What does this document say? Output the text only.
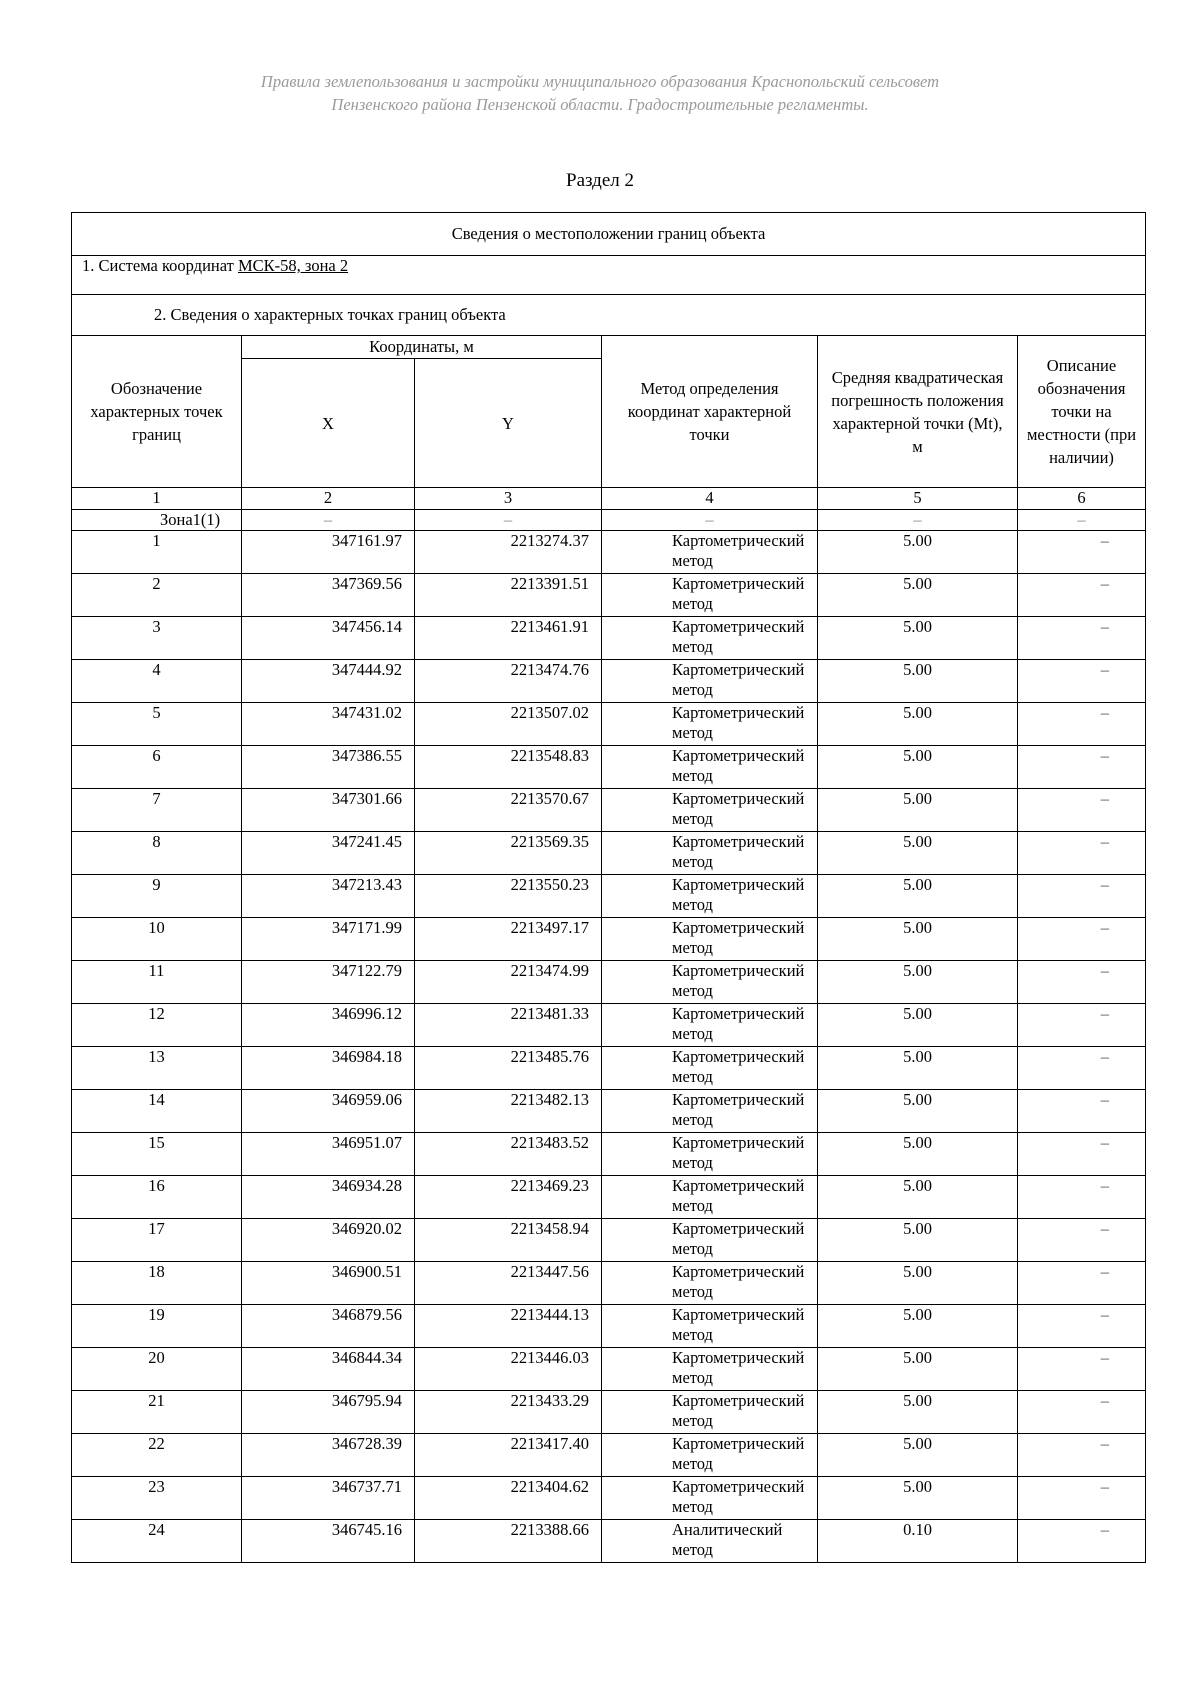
Правила землепользования и застройки муниципального образования Краснопольский сельсовет
Пензенского района Пензенской области. Градостроительные регламенты.
Раздел 2
Сведения о местоположении границ объекта					
1. Система координат МСК-58, зона 2					
2. Сведения о характерных точках границ объекта					
Обозначение характерных точек границ	Координаты, м		Метод определения координат характерной точки	Средняя квадратическая погрешность положения характерной точки (Mt), м	Описание обозначения точки на местности (при наличии)
	X	Y			
1	2	3	4	5	6
Зона1(1)	–	–	–	–	–
1	347161.97	2213274.37	Картометрический метод	5.00	–
2	347369.56	2213391.51	Картометрический метод	5.00	–
3	347456.14	2213461.91	Картометрический метод	5.00	–
4	347444.92	2213474.76	Картометрический метод	5.00	–
5	347431.02	2213507.02	Картометрический метод	5.00	–
6	347386.55	2213548.83	Картометрический метод	5.00	–
7	347301.66	2213570.67	Картометрический метод	5.00	–
8	347241.45	2213569.35	Картометрический метод	5.00	–
9	347213.43	2213550.23	Картометрический метод	5.00	–
10	347171.99	2213497.17	Картометрический метод	5.00	–
11	347122.79	2213474.99	Картометрический метод	5.00	–
12	346996.12	2213481.33	Картометрический метод	5.00	–
13	346984.18	2213485.76	Картометрический метод	5.00	–
14	346959.06	2213482.13	Картометрический метод	5.00	–
15	346951.07	2213483.52	Картометрический метод	5.00	–
16	346934.28	2213469.23	Картометрический метод	5.00	–
17	346920.02	2213458.94	Картометрический метод	5.00	–
18	346900.51	2213447.56	Картометрический метод	5.00	–
19	346879.56	2213444.13	Картометрический метод	5.00	–
20	346844.34	2213446.03	Картометрический метод	5.00	–
21	346795.94	2213433.29	Картометрический метод	5.00	–
22	346728.39	2213417.40	Картометрический метод	5.00	–
23	346737.71	2213404.62	Картометрический метод	5.00	–
24	346745.16	2213388.66	Аналитический метод	0.10	–
